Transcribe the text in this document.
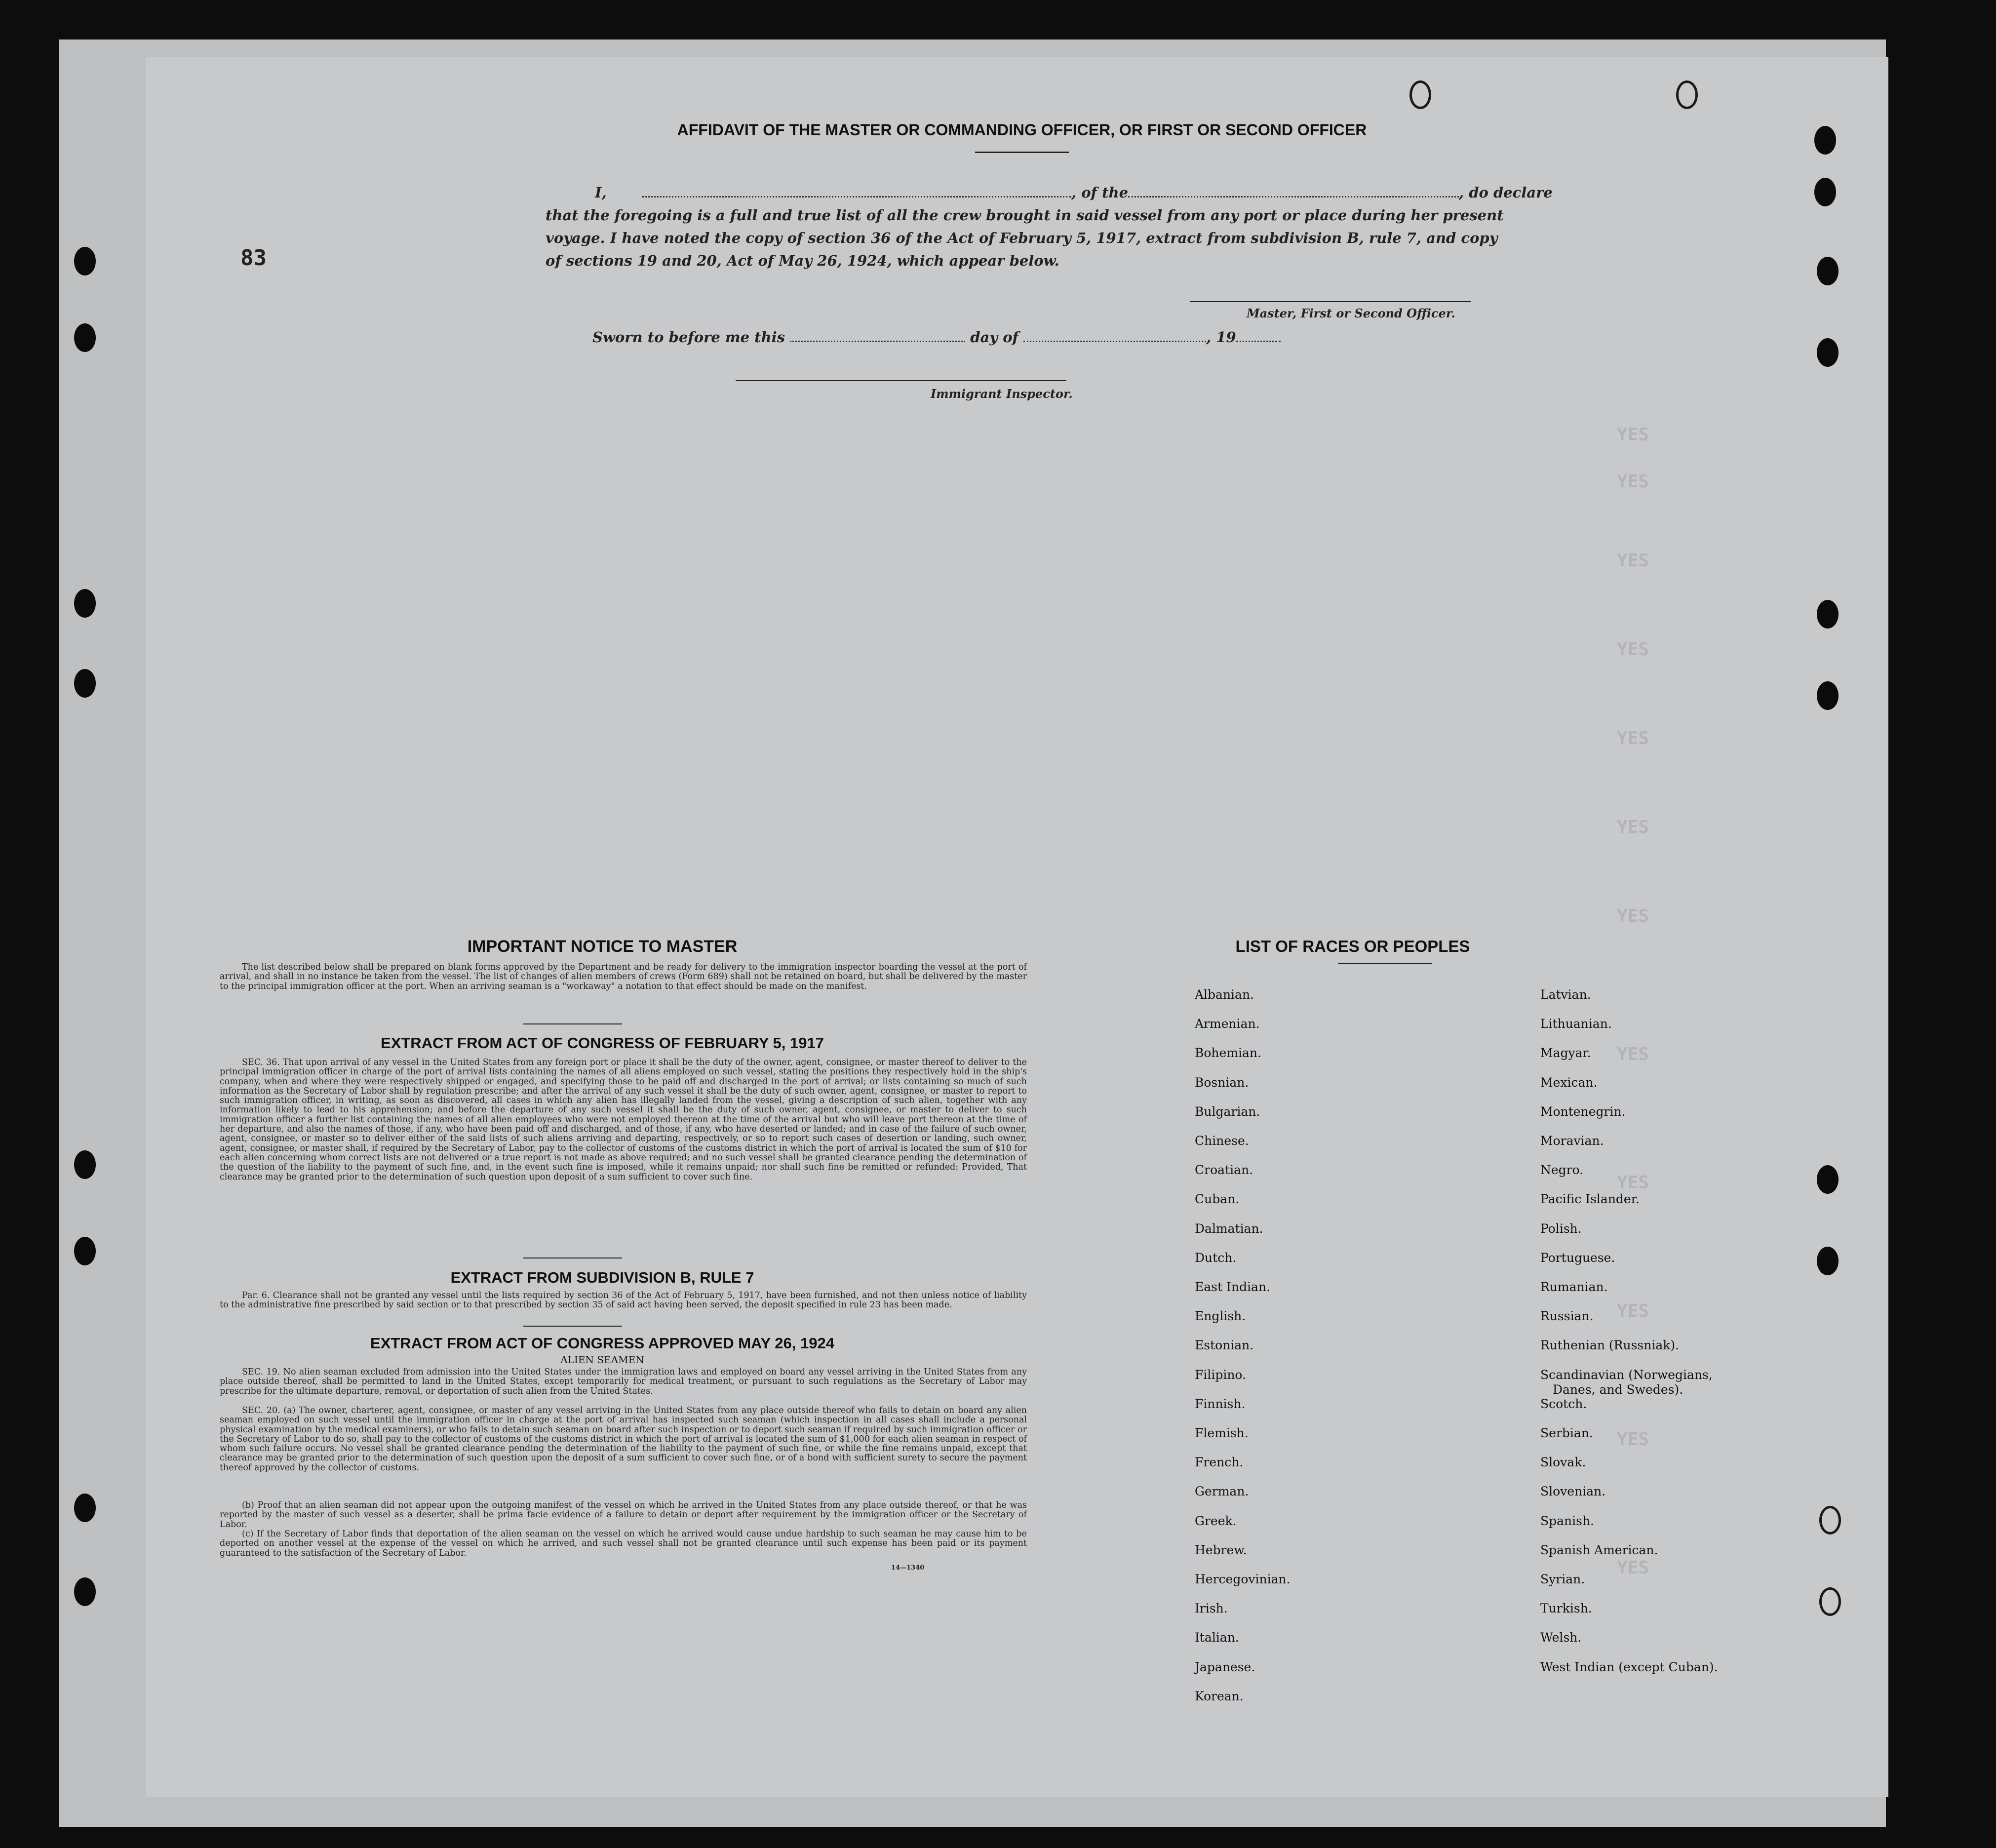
YES
YES
YES
YES
YES
YES
YES
YES
YES
YES
YES
YES
83
AFFIDAVIT OF THE MASTER OR COMMANDING OFFICER, OR FIRST OR SECOND OFFICER
I,	, of the	, do declare
that the foregoing is a full and true list of all the crew brought in said vessel from any port or place during her present
voyage. I have noted the copy of section 36 of the Act of February 5, 1917, extract from subdivision B, rule 7, and copy
of sections 19 and 20, Act of May 26, 1924, which appear below.
Master, First or Second Officer.
Sworn to before me this	day of	, 19
Immigrant Inspector.
IMPORTANT NOTICE TO MASTER
The list described below shall be prepared on blank forms approved by the Department and be ready for delivery to the immigration inspector boarding the vessel at the port of arrival, and shall in no instance be taken from the vessel. The list of changes of alien members of crews (Form 689) shall not be retained on board, but shall be delivered by the master to the principal immigration officer at the port. When an arriving seaman is a "workaway" a notation to that effect should be made on the manifest.
EXTRACT FROM ACT OF CONGRESS OF FEBRUARY 5, 1917
SEC. 36. That upon arrival of any vessel in the United States from any foreign port or place it shall be the duty of the owner, agent, consignee, or master thereof to deliver to the principal immigration officer in charge of the port of arrival lists containing the names of all aliens employed on such vessel, stating the positions they respectively hold in the ship's company, when and where they were respectively shipped or engaged, and specifying those to be paid off and discharged in the port of arrival; or lists containing so much of such information as the Secretary of Labor shall by regulation prescribe; and after the arrival of any such vessel it shall be the duty of such owner, agent, consignee, or master to report to such immigration officer, in writing, as soon as discovered, all cases in which any alien has illegally landed from the vessel, giving a description of such alien, together with any information likely to lead to his apprehension; and before the departure of any such vessel it shall be the duty of such owner, agent, consignee, or master to deliver to such immigration officer a further list containing the names of all alien employees who were not employed thereon at the time of the arrival but who will leave port thereon at the time of her departure, and also the names of those, if any, who have been paid off and discharged, and of those, if any, who have deserted or landed; and in case of the failure of such owner, agent, consignee, or master so to deliver either of the said lists of such aliens arriving and departing, respectively, or so to report such cases of desertion or landing, such owner, agent, consignee, or master shall, if required by the Secretary of Labor, pay to the collector of customs of the customs district in which the port of arrival is located the sum of $10 for each alien concerning whom correct lists are not delivered or a true report is not made as above required; and no such vessel shall be granted clearance pending the determination of the question of the liability to the payment of such fine, and, in the event such fine is imposed, while it remains unpaid; nor shall such fine be remitted or refunded: Provided, That clearance may be granted prior to the determination of such question upon deposit of a sum sufficient to cover such fine.
EXTRACT FROM SUBDIVISION B, RULE 7
Par. 6. Clearance shall not be granted any vessel until the lists required by section 36 of the Act of February 5, 1917, have been furnished, and not then unless notice of liability to the administrative fine prescribed by said section or to that prescribed by section 35 of said act having been served, the deposit specified in rule 23 has been made.
EXTRACT FROM ACT OF CONGRESS APPROVED MAY 26, 1924
ALIEN SEAMEN
SEC. 19. No alien seaman excluded from admission into the United States under the immigration laws and employed on board any vessel arriving in the United States from any place outside thereof, shall be permitted to land in the United States, except temporarily for medical treatment, or pursuant to such regulations as the Secretary of Labor may prescribe for the ultimate departure, removal, or deportation of such alien from the United States.
SEC. 20. (a) The owner, charterer, agent, consignee, or master of any vessel arriving in the United States from any place outside thereof who fails to detain on board any alien seaman employed on such vessel until the immigration officer in charge at the port of arrival has inspected such seaman (which inspection in all cases shall include a personal physical examination by the medical examiners), or who fails to detain such seaman on board after such inspection or to deport such seaman if required by such immigration officer or the Secretary of Labor to do so, shall pay to the collector of customs of the customs district in which the port of arrival is located the sum of $1,000 for each alien seaman in respect of whom such failure occurs. No vessel shall be granted clearance pending the determination of the liability to the payment of such fine, or while the fine remains unpaid, except that clearance may be granted prior to the determination of such question upon the deposit of a sum sufficient to cover such fine, or of a bond with sufficient surety to secure the payment thereof approved by the collector of customs.
(b) Proof that an alien seaman did not appear upon the outgoing manifest of the vessel on which he arrived in the United States from any place outside thereof, or that he was reported by the master of such vessel as a deserter, shall be prima facie evidence of a failure to detain or deport after requirement by the immigration officer or the Secretary of Labor.
(c) If the Secretary of Labor finds that deportation of the alien seaman on the vessel on which he arrived would cause undue hardship to such seaman he may cause him to be deported on another vessel at the expense of the vessel on which he arrived, and such vessel shall not be granted clearance until such expense has been paid or its payment guaranteed to the satisfaction of the Secretary of Labor.
14—1340
LIST OF RACES OR PEOPLES
Albanian.
Armenian.
Bohemian.
Bosnian.
Bulgarian.
Chinese.
Croatian.
Cuban.
Dalmatian.
Dutch.
East Indian.
English.
Estonian.
Filipino.
Finnish.
Flemish.
French.
German.
Greek.
Hebrew.
Hercegovinian.
Irish.
Italian.
Japanese.
Korean.
Latvian.
Lithuanian.
Magyar.
Mexican.
Montenegrin.
Moravian.
Negro.
Pacific Islander.
Polish.
Portuguese.
Rumanian.
Russian.
Ruthenian (Russniak).
Scandinavian (Norwegians,
Danes, and Swedes).
Scotch.
Serbian.
Slovak.
Slovenian.
Spanish.
Spanish American.
Syrian.
Turkish.
Welsh.
West Indian (except Cuban).
